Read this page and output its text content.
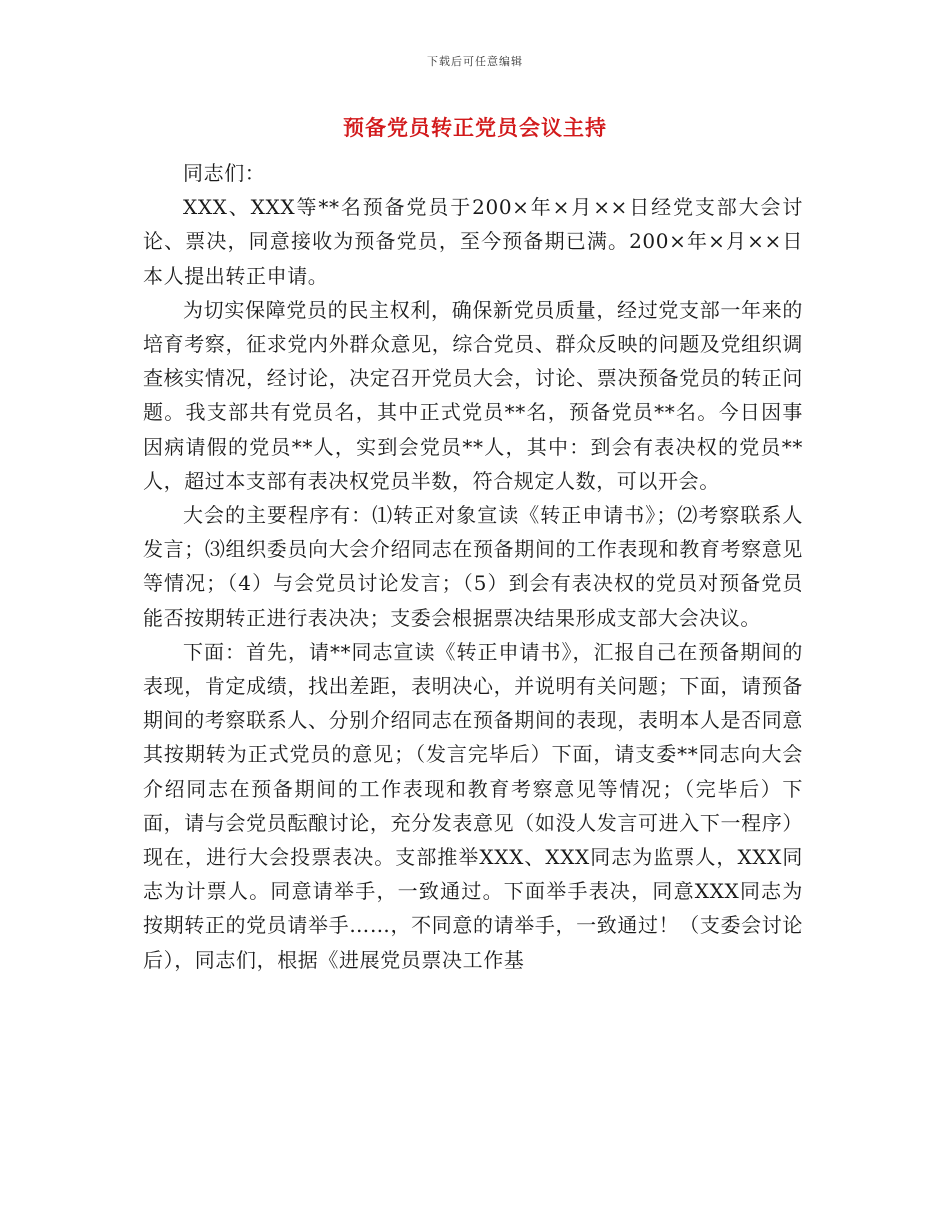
下载后可任意编辑
预备党员转正党员会议主持

同志们：

XXX、XXX等**名预备党员于200×年×月××日经党支部大会讨论、票决，同意接收为预备党员，至今预备期已满。200×年×月××日本人提出转正申请。

为切实保障党员的民主权利，确保新党员质量，经过党支部一年来的培育考察，征求党内外群众意见，综合党员、群众反映的问题及党组织调查核实情况，经讨论，决定召开党员大会，讨论、票决预备党员的转正问题。我支部共有党员名，其中正式党员**名，预备党员**名。今日因事因病请假的党员**人，实到会党员**人，其中：到会有表决权的党员**人，超过本支部有表决权党员半数，符合规定人数，可以开会。

大会的主要程序有：⑴转正对象宣读《转正申请书》；⑵考察联系人发言；⑶组织委员向大会介绍同志在预备期间的工作表现和教育考察意见等情况；（4）与会党员讨论发言；（5）到会有表决权的党员对预备党员能否按期转正进行表决决；支委会根据票决结果形成支部大会决议。

下面：首先，请**同志宣读《转正申请书》，汇报自己在预备期间的表现，肯定成绩，找出差距，表明决心，并说明有关问题；下面，请预备期间的考察联系人、分别介绍同志在预备期间的表现，表明本人是否同意其按期转为正式党员的意见；（发言完毕后）下面，请支委**同志向大会介绍同志在预备期间的工作表现和教育考察意见等情况；（完毕后）下面，请与会党员酝酿讨论，充分发表意见（如没人发言可进入下一程序）现在，进行大会投票表决。支部推举XXX、XXX同志为监票人，XXX同志为计票人。同意请举手，一致通过。下面举手表决，同意XXX同志为按期转正的党员请举手……，不同意的请举手，一致通过！（支委会讨论后），同志们，根据《进展党员票决工作基
